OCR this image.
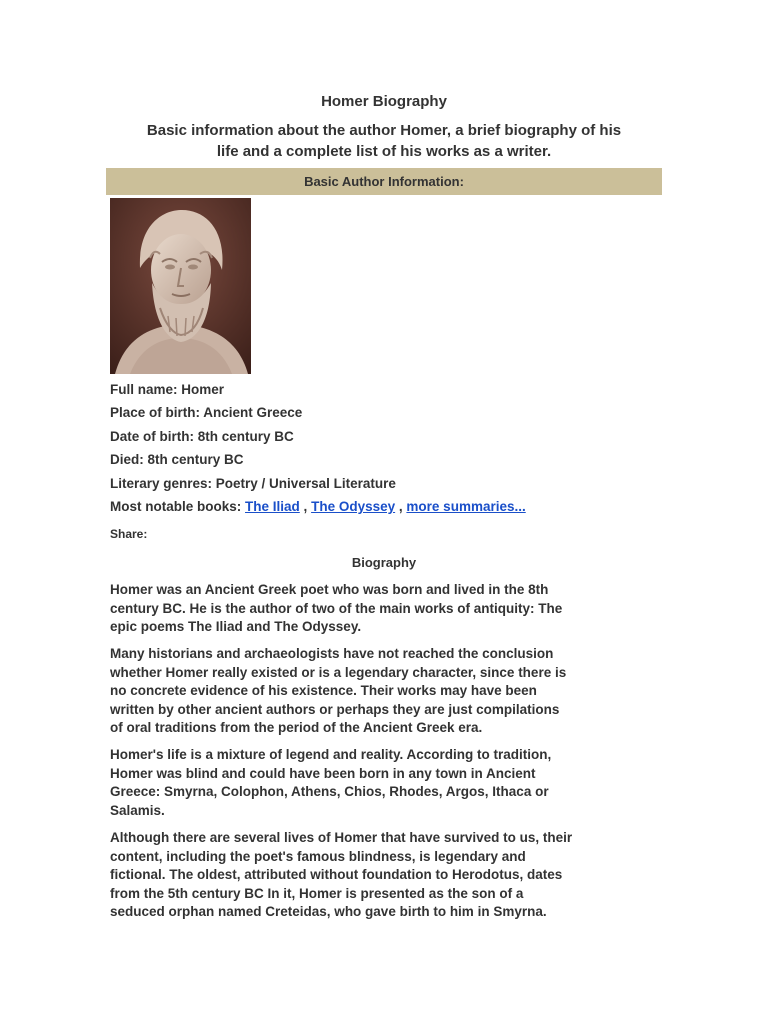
Homer Biography
Basic information about the author Homer, a brief biography of his
life and a complete list of his works as a writer.
Basic Author Information:
Full name: Homer
Place of birth: Ancient Greece
Date of birth: 8th century BC
Died: 8th century BC
Literary genres: Poetry / Universal Literature
Most notable books: The Iliad , The Odyssey , more summaries...
Share:
Biography
Homer was an Ancient Greek poet who was born and lived in the 8th
century BC. He is the author of two of the main works of antiquity: The
epic poems The Iliad and The Odyssey.
Many historians and archaeologists have not reached the conclusion
whether Homer really existed or is a legendary character, since there is
no concrete evidence of his existence. Their works may have been
written by other ancient authors or perhaps they are just compilations
of oral traditions from the period of the Ancient Greek era.
Homer's life is a mixture of legend and reality. According to tradition,
Homer was blind and could have been born in any town in Ancient
Greece: Smyrna, Colophon, Athens, Chios, Rhodes, Argos, Ithaca or
Salamis.
Although there are several lives of Homer that have survived to us, their
content, including the poet's famous blindness, is legendary and
fictional. The oldest, attributed without foundation to Herodotus, dates
from the 5th century BC In it, Homer is presented as the son of a
seduced orphan named Creteidas, who gave birth to him in Smyrna.
